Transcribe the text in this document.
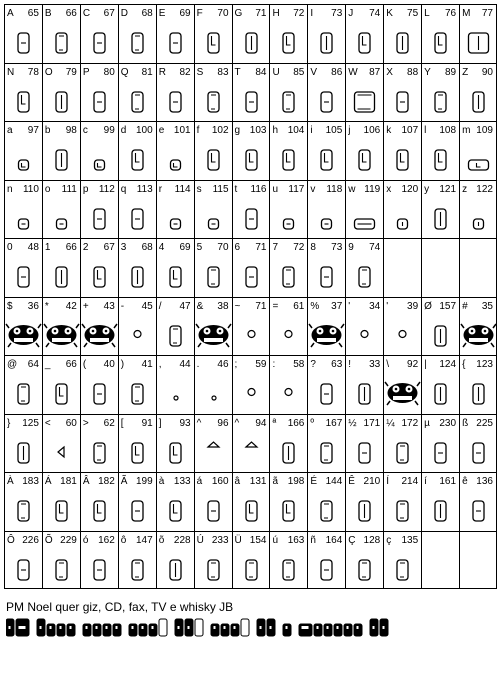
A 65 B 66 C 67 D 68 E 69 F 70 G 71 H 72 I 73 J 74 K 75 L 76 M 77
N 78 O 79 P 80 Q 81 R 82 S 83 T 84 U 85 V 86 W 87 X 88 Y 89 Z 90
a 97 b 98 c 99 d 100 e 101 f 102 g 103 h 104 i 105 j 106 k 107 l 108 m 109
n 110 o 111 p 112 q 113 r 114 s 115 t 116 u 117 v 118 w 119 x 120 y 121 z 122
0 48 1 66 2 67 3 68 4 69 5 70 6 71 7 72 8 73 9 74
$ 36 * 42 + 43 - 45 / 47 & 38 ~ 71 = 61 % 37 ' 34 ' 39 Ø 157 # 35
@ 64 _ 66 ( 40 ) 41 , 44 . 46 ; 59 : 58 ? 63 ! 33 \ 92 | 124 { 123
} 125 < 60 > 62 [ 91 ] 93 ^ 96 ^ 94 ª 166 º 167 ½ 171 ¼ 172 µ 230 ß 225
À 183 Á 181 Â 182 Ã 199 à 133 á 160 â 131 ã 198 É 144 Ê 210 Í 214 í 161 ê 136
Ô 226 Õ 229 ó 162 ô 147 õ 228 Ú 233 Ü 154 ú 163 ñ 164 Ç 128 ç 135
PM Noel quer giz, CD, fax, TV e whisky JB
